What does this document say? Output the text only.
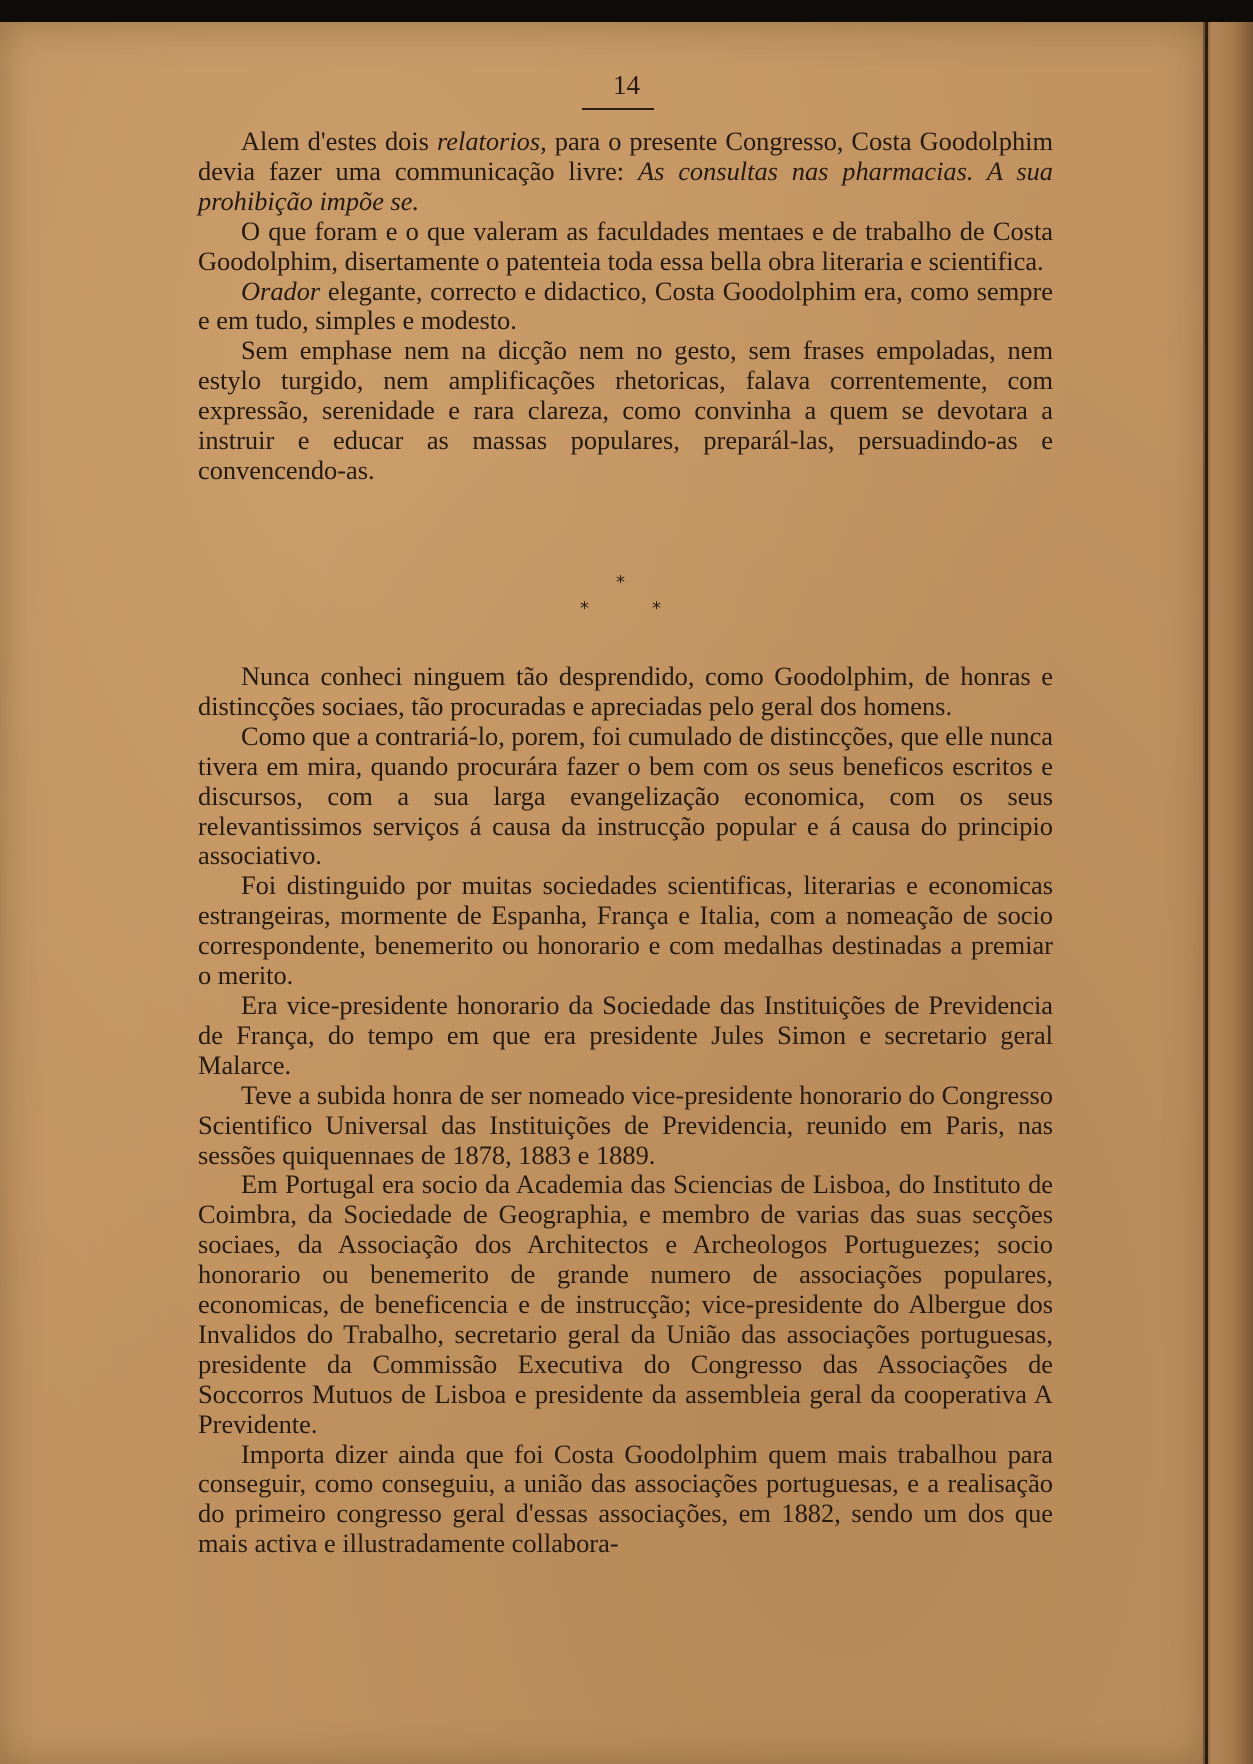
14

Alem d'estes dois relatorios, para o presente Congresso, Costa Goodolphim devia fazer uma communicação livre: As consultas nas pharmacias. A sua prohibição impõe se.

O que foram e o que valeram as faculdades mentaes e de trabalho de Costa Goodolphim, disertamente o patenteia toda essa bella obra literaria e scientifica.

Orador elegante, correcto e didactico, Costa Goodolphim era, como sempre e em tudo, simples e modesto.

Sem emphase nem na dicção nem no gesto, sem frases empoladas, nem estylo turgido, nem amplificações rhetoricas, falava correntemente, com expressão, serenidade e rara clareza, como convinha a quem se devotara a instruir e educar as massas populares, preparál-las, persuadindo-as e convencendo-as.

*
*	*

Nunca conheci ninguem tão desprendido, como Goodolphim, de honras e distincções sociaes, tão procuradas e apreciadas pelo geral dos homens.

Como que a contrariá-lo, porem, foi cumulado de distincções, que elle nunca tivera em mira, quando procurára fazer o bem com os seus beneficos escritos e discursos, com a sua larga evangelização economica, com os seus relevantissimos serviços á causa da instrucção popular e á causa do principio associativo.

Foi distinguido por muitas sociedades scientificas, literarias e economicas estrangeiras, mormente de Espanha, França e Italia, com a nomeação de socio correspondente, benemerito ou honorario e com medalhas destinadas a premiar o merito.

Era vice-presidente honorario da Sociedade das Instituições de Previdencia de França, do tempo em que era presidente Jules Simon e secretario geral Malarce.

Teve a subida honra de ser nomeado vice-presidente honorario do Congresso Scientifico Universal das Instituições de Previdencia, reunido em Paris, nas sessões quiquennaes de 1878, 1883 e 1889.

Em Portugal era socio da Academia das Sciencias de Lisboa, do Instituto de Coimbra, da Sociedade de Geographia, e membro de varias das suas secções sociaes, da Associação dos Architectos e Archeologos Portuguezes; socio honorario ou benemerito de grande numero de associações populares, economicas, de beneficencia e de instrucção; vice-presidente do Albergue dos Invalidos do Trabalho, secretario geral da União das associações portuguesas, presidente da Commissão Executiva do Congresso das Associações de Soccorros Mutuos de Lisboa e presidente da assembleia geral da cooperativa A Previdente.

Importa dizer ainda que foi Costa Goodolphim quem mais trabalhou para conseguir, como conseguiu, a união das associações portuguesas, e a realisação do primeiro congresso geral d'essas associações, em 1882, sendo um dos que mais activa e illustradamente collabora-
